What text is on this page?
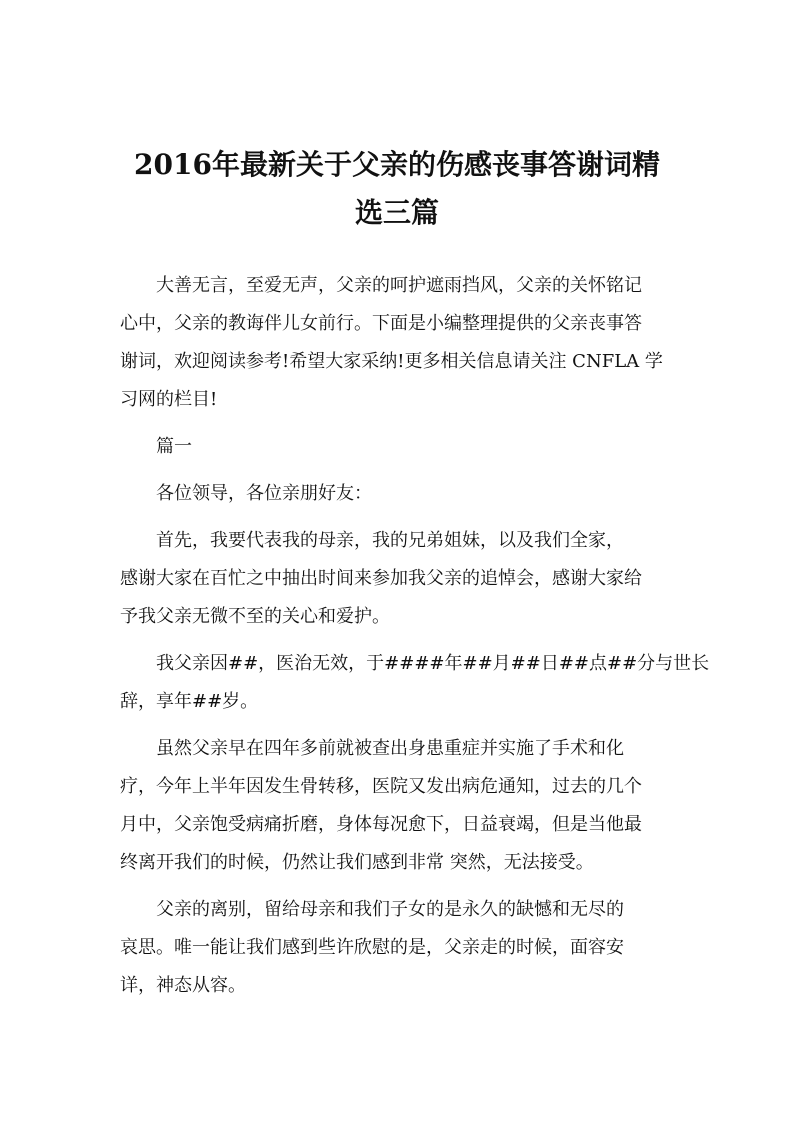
2016年最新关于父亲的伤感丧事答谢词精
选三篇

大善无言，至爱无声，父亲的呵护遮雨挡风，父亲的关怀铭记

心中，父亲的教诲伴儿女前行。下面是小编整理提供的父亲丧事答

谢词，欢迎阅读参考!希望大家采纳!更多相关信息请关注 CNFLA 学

习网的栏目!

篇一

各位领导，各位亲朋好友：

首先，我要代表我的母亲，我的兄弟姐妹，以及我们全家，

感谢大家在百忙之中抽出时间来参加我父亲的追悼会，感谢大家给

予我父亲无微不至的关心和爱护。

我父亲因##，医治无效，于####年##月##日##点##分与世长

辞，享年##岁。

虽然父亲早在四年多前就被查出身患重症并实施了手术和化

疗，今年上半年因发生骨转移，医院又发出病危通知，过去的几个

月中，父亲饱受病痛折磨，身体每况愈下，日益衰竭，但是当他最

终离开我们的时候，仍然让我们感到非常 突然，无法接受。

父亲的离别，留给母亲和我们子女的是永久的缺憾和无尽的

哀思。唯一能让我们感到些许欣慰的是，父亲走的时候，面容安

详，神态从容。
